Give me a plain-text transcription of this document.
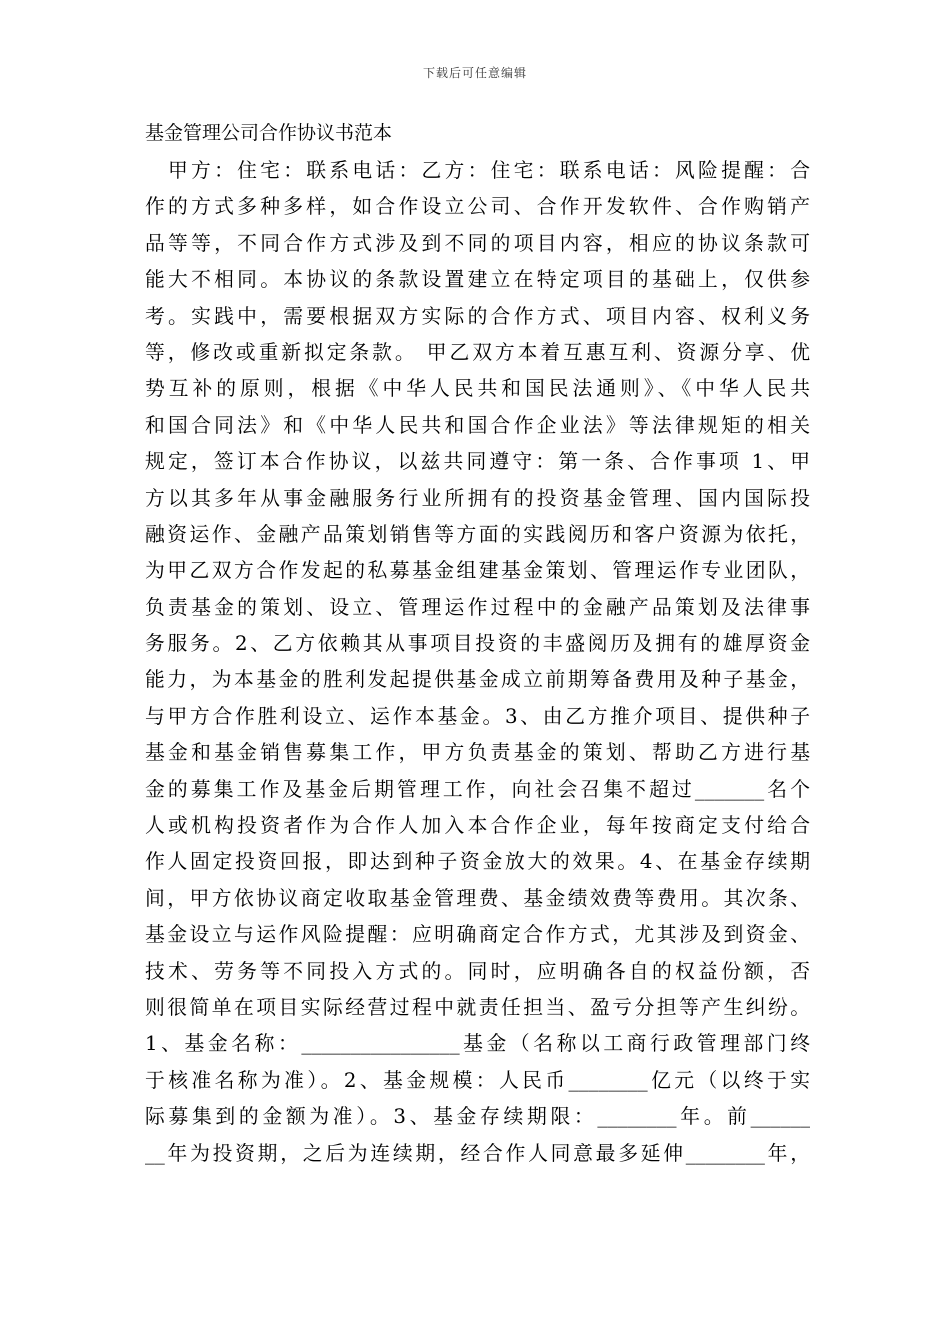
下载后可任意编辑
基金管理公司合作协议书范本
甲方：住宅：联系电话：乙方：住宅：联系电话：风险提醒：合
作的方式多种多样，如合作设立公司、合作开发软件、合作购销产
品等等，不同合作方式涉及到不同的项目内容，相应的协议条款可
能大不相同。本协议的条款设置建立在特定项目的基础上，仅供参
考。实践中，需要根据双方实际的合作方式、项目内容、权利义务
等，修改或重新拟定条款。 甲乙双方本着互惠互利、资源分享、优
势互补的原则，根据《中华人民共和国民法通则》、《中华人民共
和国合同法》和《中华人民共和国合作企业法》等法律规矩的相关
规定，签订本合作协议，以兹共同遵守：第一条、合作事项 1、甲
方以其多年从事金融服务行业所拥有的投资基金管理、国内国际投
融资运作、金融产品策划销售等方面的实践阅历和客户资源为依托，
为甲乙双方合作发起的私募基金组建基金策划、管理运作专业团队，
负责基金的策划、设立、管理运作过程中的金融产品策划及法律事
务服务。2、乙方依赖其从事项目投资的丰盛阅历及拥有的雄厚资金
能力，为本基金的胜利发起提供基金成立前期筹备费用及种子基金，
与甲方合作胜利设立、运作本基金。3、由乙方推介项目、提供种子
基金和基金销售募集工作，甲方负责基金的策划、帮助乙方进行基
金的募集工作及基金后期管理工作，向社会召集不超过_______名个
人或机构投资者作为合作人加入本合作企业，每年按商定支付给合
作人固定投资回报，即达到种子资金放大的效果。4、在基金存续期
间，甲方依协议商定收取基金管理费、基金绩效费等费用。其次条、
基金设立与运作风险提醒：应明确商定合作方式，尤其涉及到资金、
技术、劳务等不同投入方式的。同时，应明确各自的权益份额，否
则很简单在项目实际经营过程中就责任担当、盈亏分担等产生纠纷。
1、基金名称：________________基金（名称以工商行政管理部门终
于核准名称为准）。2、基金规模：人民币________亿元（以终于实
际募集到的金额为准）。3、基金存续期限：________年。前______
__年为投资期，之后为连续期，经合作人同意最多延伸________年，
